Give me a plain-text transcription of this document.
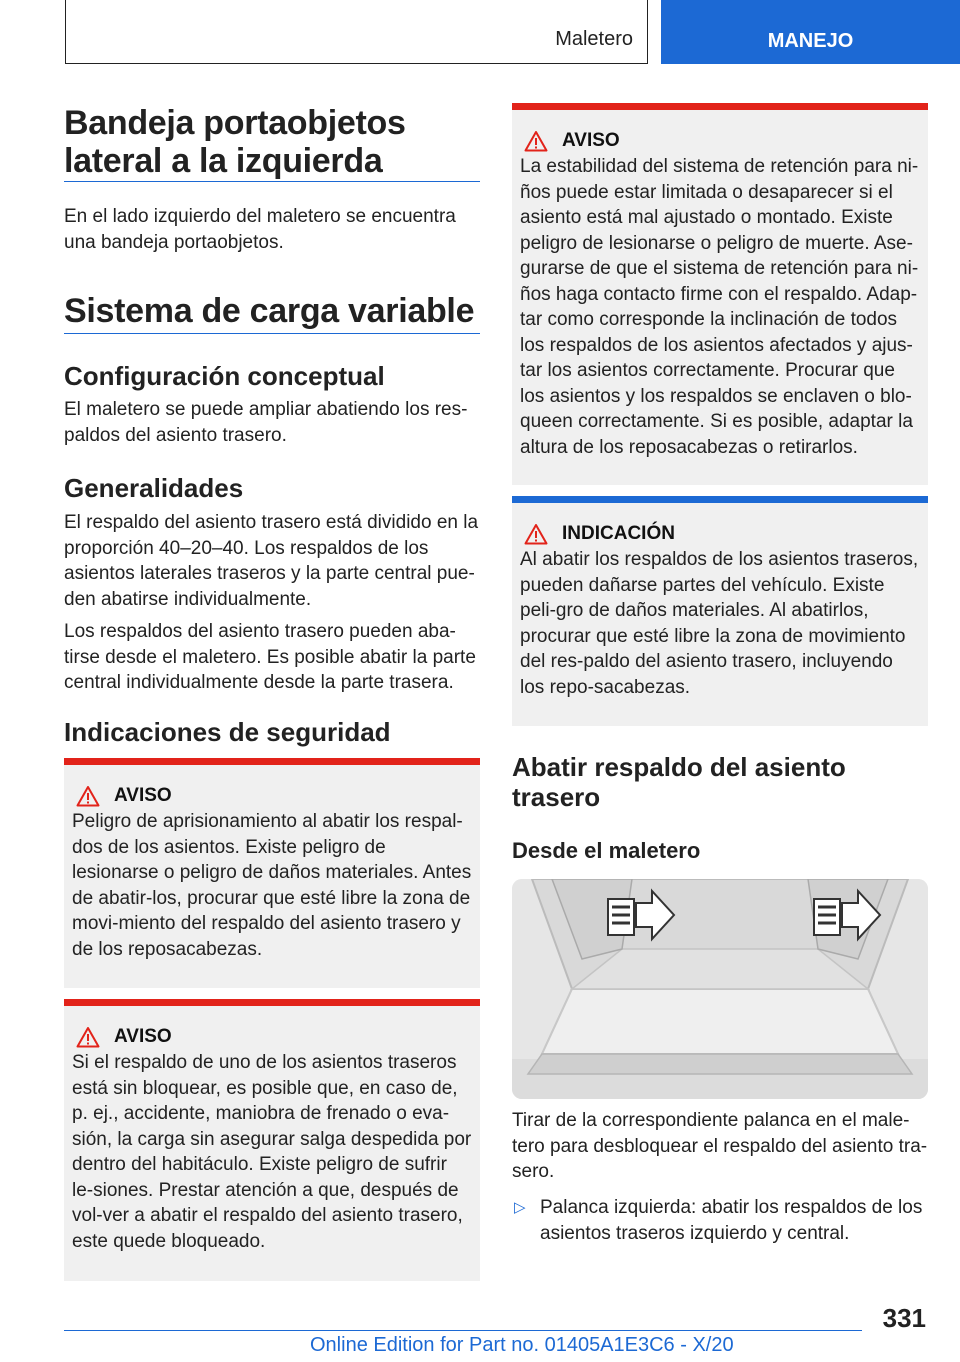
Maletero	MANEJO
Bandeja portaobjetos lateral a la izquierda

En el lado izquierdo del maletero se encuentra una bandeja portaobjetos.

Sistema de carga variable
Configuración conceptual

El maletero se puede ampliar abatiendo los res-paldos del asiento trasero.

Generalidades

El respaldo del asiento trasero está dividido en la proporción 40–20–40. Los respaldos de los asientos laterales traseros y la parte central pue-den abatirse individualmente.

Los respaldos del asiento trasero pueden aba-tirse desde el maletero. Es posible abatir la parte central individualmente desde la parte trasera.

Indicaciones de seguridad
AVISO

Peligro de aprisionamiento al abatir los respal-dos de los asientos. Existe peligro de lesionarse o peligro de daños materiales. Antes de abatir-los, procurar que esté libre la zona de movi-miento del respaldo del asiento trasero y de los reposacabezas.

AVISO

Si el respaldo de uno de los asientos traseros está sin bloquear, es posible que, en caso de, p. ej., accidente, maniobra de frenado o eva-sión, la carga sin asegurar salga despedida por dentro del habitáculo. Existe peligro de sufrir le-siones. Prestar atención a que, después de vol-ver a abatir el respaldo del asiento trasero, este quede bloqueado.

AVISO

La estabilidad del sistema de retención para ni-ños puede estar limitada o desaparecer si el asiento está mal ajustado o montado. Existe peligro de lesionarse o peligro de muerte. Ase-gurarse de que el sistema de retención para ni-ños haga contacto firme con el respaldo. Adap-tar como corresponde la inclinación de todos los respaldos de los asientos afectados y ajus-tar los asientos correctamente. Procurar que los asientos y los respaldos se enclaven o blo-queen correctamente. Si es posible, adaptar la altura de los reposacabezas o retirarlos.

INDICACIÓN

Al abatir los respaldos de los asientos traseros, pueden dañarse partes del vehículo. Existe peli-gro de daños materiales. Al abatirlos, procurar que esté libre la zona de movimiento del res-paldo del asiento trasero, incluyendo los repo-sacabezas.

Abatir respaldo del asiento trasero
Desde el maletero

Tirar de la correspondiente palanca en el male-tero para desbloquear el respaldo del asiento tra-sero.

▷ Palanca izquierda: abatir los respaldos de los asientos traseros izquierdo y central.
331
Online Edition for Part no. 01405A1E3C6 - X/20
